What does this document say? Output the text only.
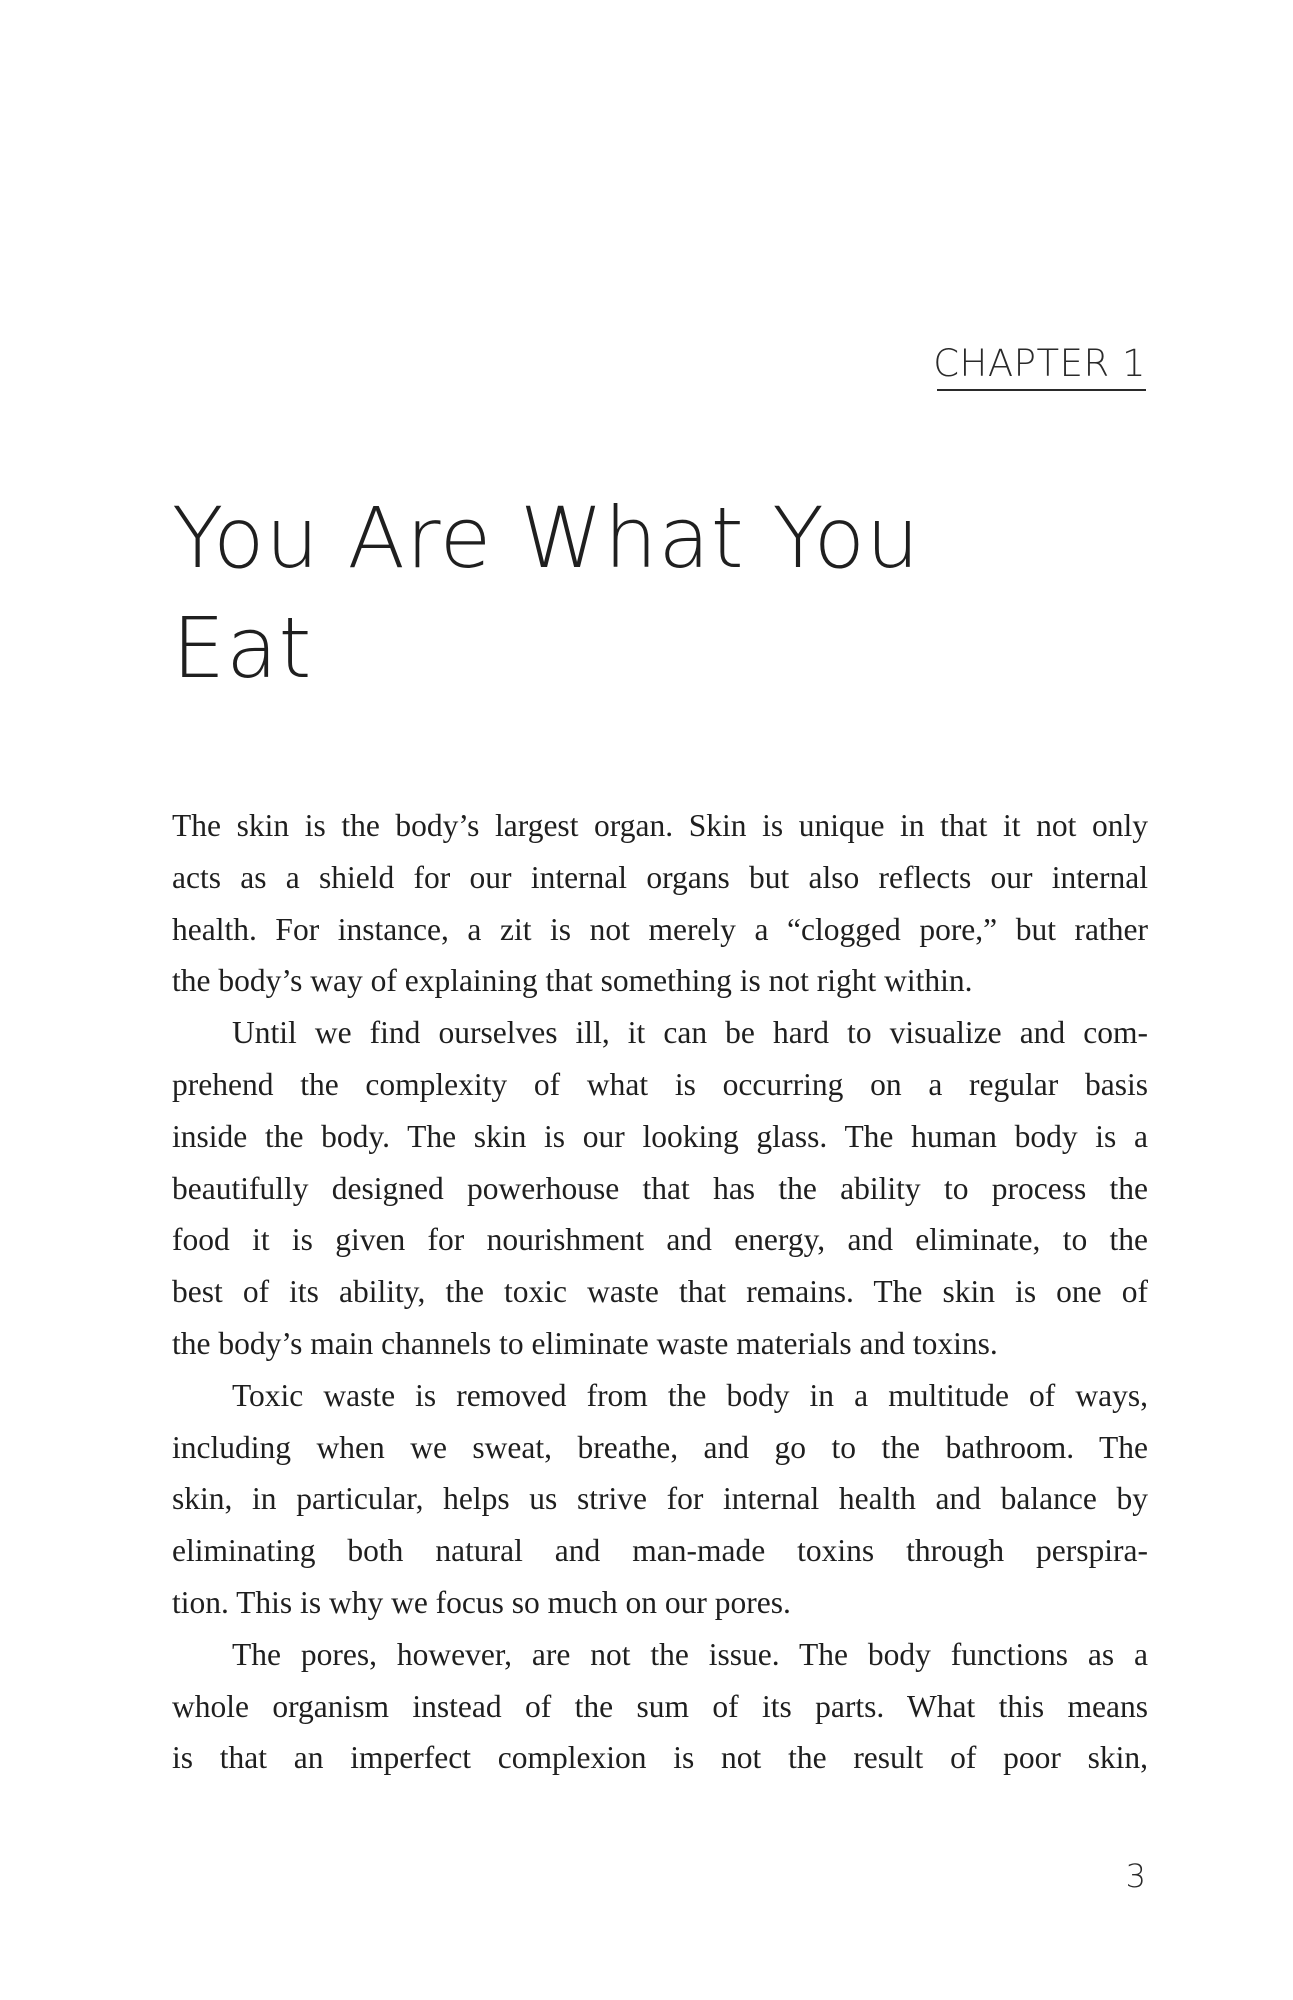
CHAPTER 1
You Are What You
Eat

The skin is the body’s largest organ. Skin is unique in that it not only
acts as a shield for our internal organs but also reflects our internal
health. For instance, a zit is not merely a “clogged pore,” but rather
the body’s way of explaining that something is not right within.

Until we find ourselves ill, it can be hard to visualize and com-
prehend the complexity of what is occurring on a regular basis
inside the body. The skin is our looking glass. The human body is a
beautifully designed powerhouse that has the ability to process the
food it is given for nourishment and energy, and eliminate, to the
best of its ability, the toxic waste that remains. The skin is one of
the body’s main channels to eliminate waste materials and toxins.

Toxic waste is removed from the body in a multitude of ways,
including when we sweat, breathe, and go to the bathroom. The
skin, in particular, helps us strive for internal health and balance by
eliminating both natural and man-made toxins through perspira-
tion. This is why we focus so much on our pores.

The pores, however, are not the issue. The body functions as a
whole organism instead of the sum of its parts. What this means
is that an imperfect complexion is not the result of poor skin,

3
